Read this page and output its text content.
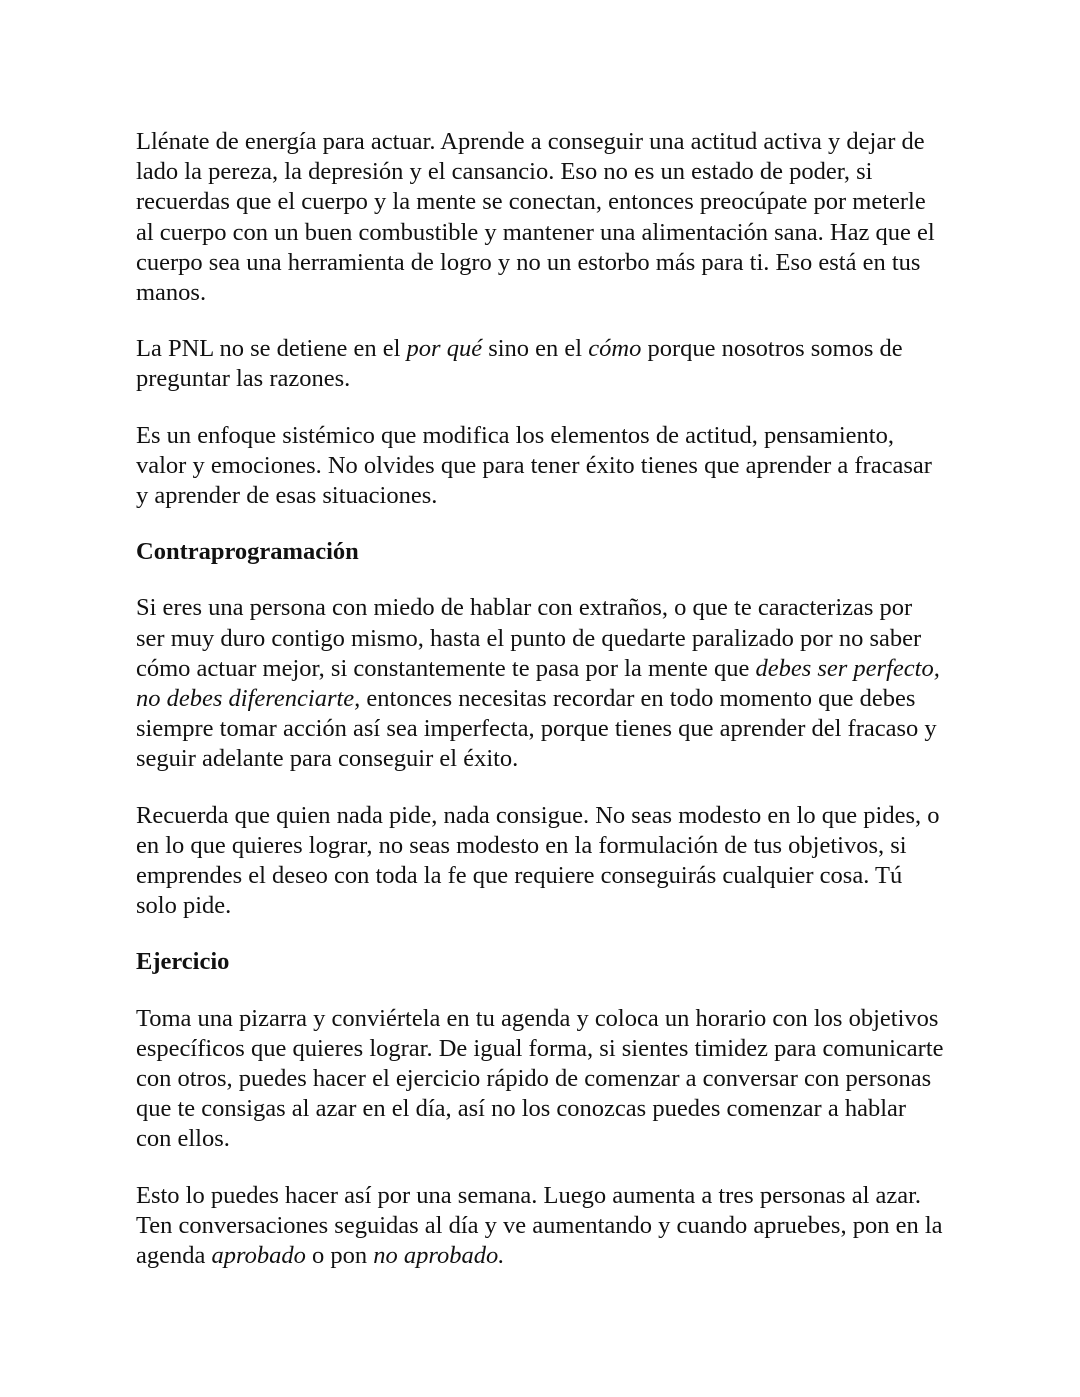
Llénate de energía para actuar. Aprende a conseguir una actitud activa y dejar de lado la pereza, la depresión y el cansancio. Eso no es un estado de poder, si recuerdas que el cuerpo y la mente se conectan, entonces preocúpate por meterle al cuerpo con un buen combustible y mantener una alimentación sana. Haz que el cuerpo sea una herramienta de logro y no un estorbo más para ti. Eso está en tus manos.

La PNL no se detiene en el por qué sino en el cómo porque nosotros somos de preguntar las razones.

Es un enfoque sistémico que modifica los elementos de actitud, pensamiento, valor y emociones. No olvides que para tener éxito tienes que aprender a fracasar y aprender de esas situaciones.

Contraprogramación

Si eres una persona con miedo de hablar con extraños, o que te caracterizas por ser muy duro contigo mismo, hasta el punto de quedarte paralizado por no saber cómo actuar mejor, si constantemente te pasa por la mente que debes ser perfecto, no debes diferenciarte, entonces necesitas recordar en todo momento que debes siempre tomar acción así sea imperfecta, porque tienes que aprender del fracaso y seguir adelante para conseguir el éxito.

Recuerda que quien nada pide, nada consigue. No seas modesto en lo que pides, o en lo que quieres lograr, no seas modesto en la formulación de tus objetivos, si emprendes el deseo con toda la fe que requiere conseguirás cualquier cosa. Tú solo pide.

Ejercicio

Toma una pizarra y conviértela en tu agenda y coloca un horario con los objetivos específicos que quieres lograr. De igual forma, si sientes timidez para comunicarte con otros, puedes hacer el ejercicio rápido de comenzar a conversar con personas que te consigas al azar en el día, así no los conozcas puedes comenzar a hablar con ellos.

Esto lo puedes hacer así por una semana. Luego aumenta a tres personas al azar. Ten conversaciones seguidas al día y ve aumentando y cuando apruebes, pon en la agenda aprobado o pon no aprobado.
